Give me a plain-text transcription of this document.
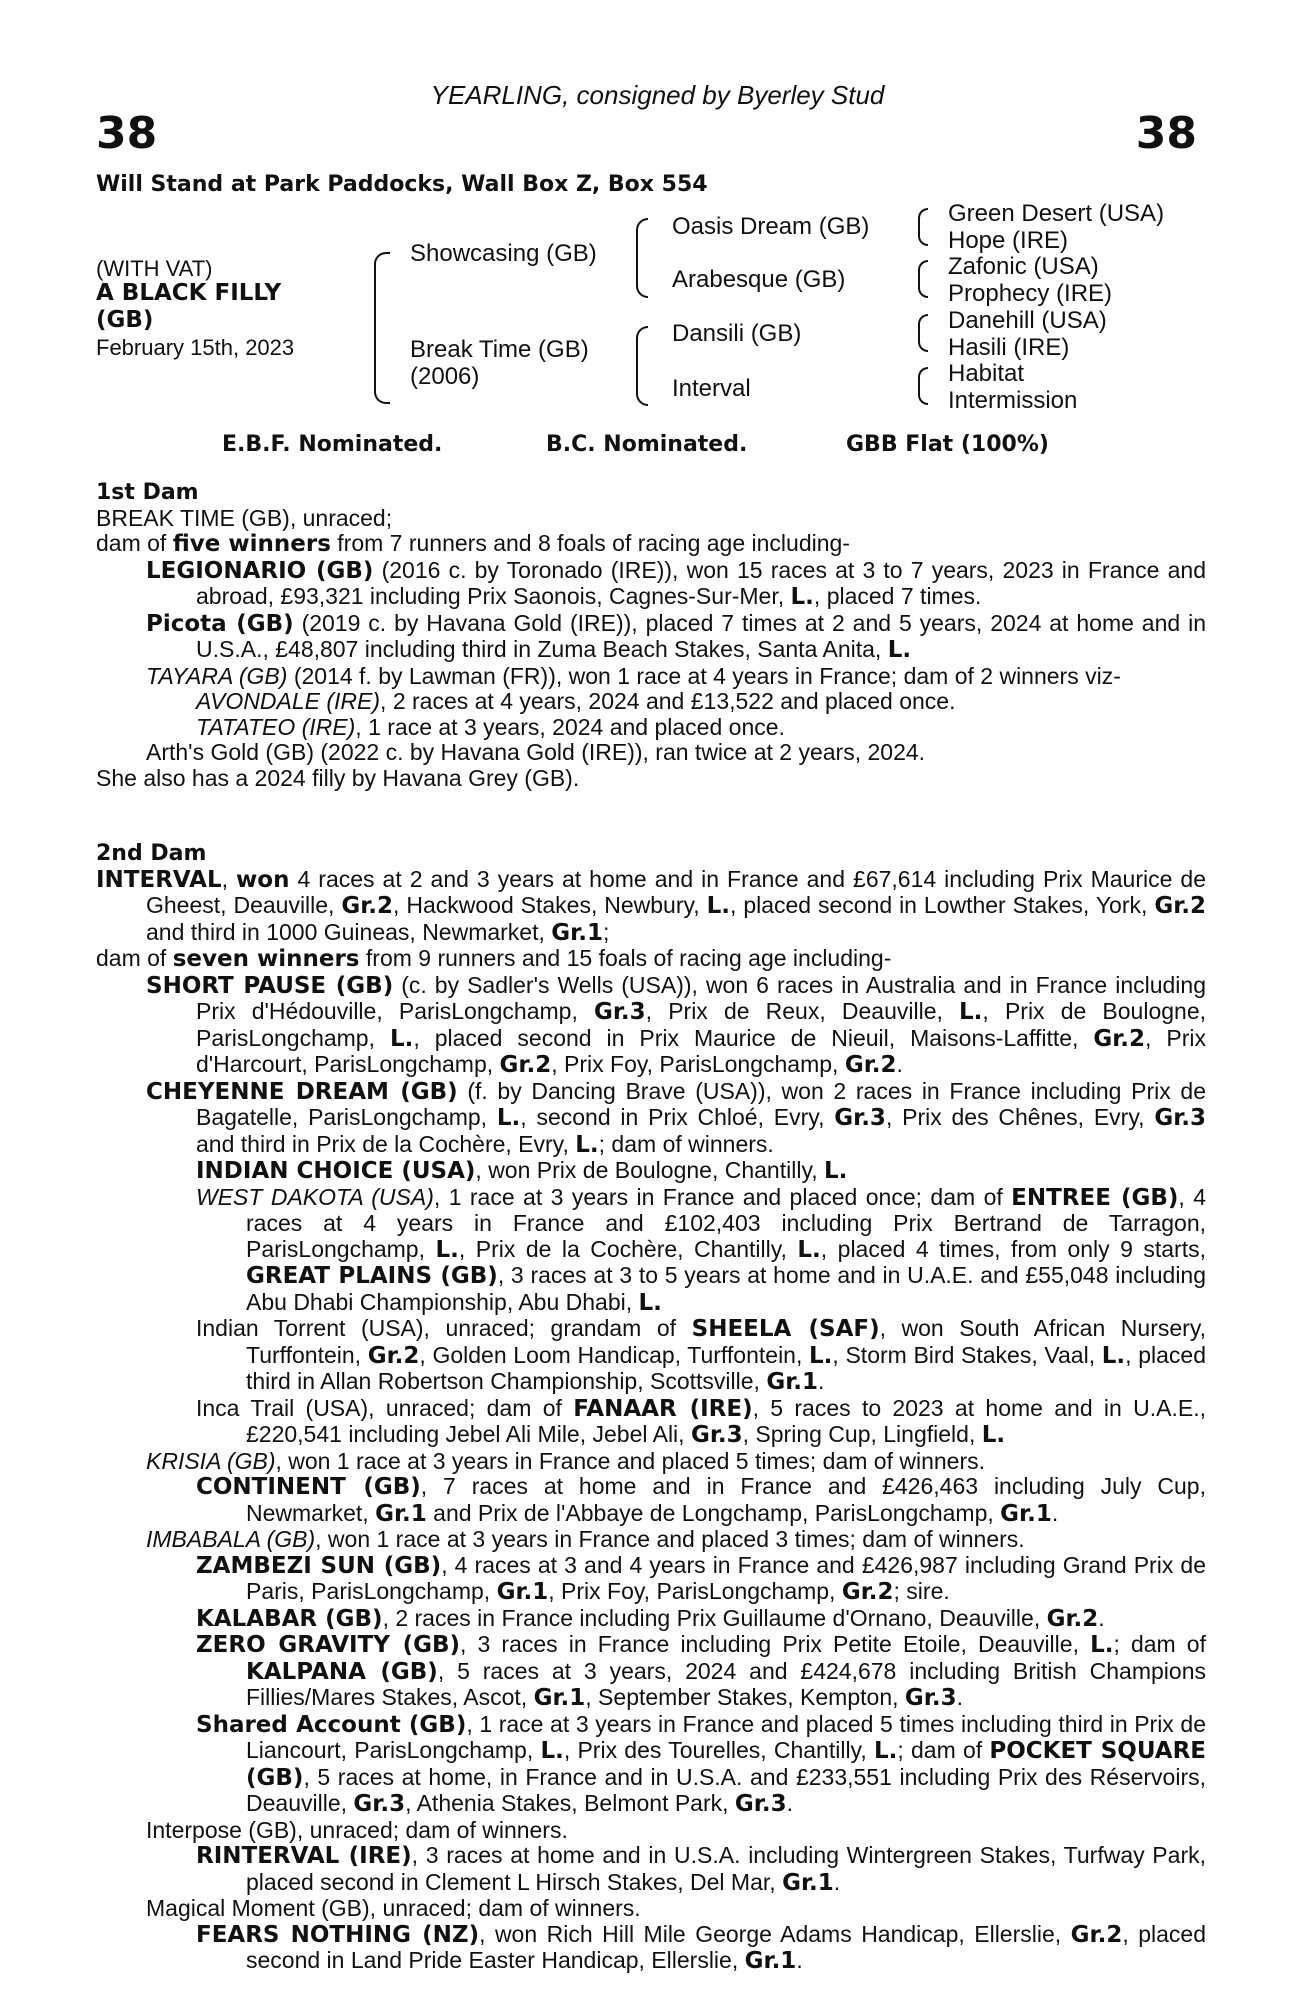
38	38
YEARLING, consigned by Byerley Stud
Will Stand at Park Paddocks, Wall Box Z, Box 554
(WITH VAT)
A BLACK FILLY
(GB)
February 15th, 2023
Showcasing (GB)
Break Time (GB)
(2006)
Oasis Dream (GB)
Arabesque (GB)
Dansili (GB)
Interval
Green Desert (USA)
Hope (IRE)
Zafonic (USA)
Prophecy (IRE)
Danehill (USA)
Hasili (IRE)
Habitat
Intermission
E.B.F. Nominated.	B.C. Nominated.	GBB Flat (100%)
1st Dam
BREAK TIME (GB), unraced;
dam of five winners from 7 runners and 8 foals of racing age including-
LEGIONARIO (GB) (2016 c. by Toronado (IRE)), won 15 races at 3 to 7 years, 2023 in France and abroad, £93,321 including Prix Saonois, Cagnes-Sur-Mer, L., placed 7 times.
Picota (GB) (2019 c. by Havana Gold (IRE)), placed 7 times at 2 and 5 years, 2024 at home and in U.S.A., £48,807 including third in Zuma Beach Stakes, Santa Anita, L.
TAYARA (GB) (2014 f. by Lawman (FR)), won 1 race at 4 years in France; dam of 2 winners viz-
AVONDALE (IRE), 2 races at 4 years, 2024 and £13,522 and placed once.
TATATEO (IRE), 1 race at 3 years, 2024 and placed once.
Arth's Gold (GB) (2022 c. by Havana Gold (IRE)), ran twice at 2 years, 2024.
She also has a 2024 filly by Havana Grey (GB).
2nd Dam
INTERVAL, won 4 races at 2 and 3 years at home and in France and £67,614 including Prix Maurice de Gheest, Deauville, Gr.2, Hackwood Stakes, Newbury, L., placed second in Lowther Stakes, York, Gr.2 and third in 1000 Guineas, Newmarket, Gr.1;
dam of seven winners from 9 runners and 15 foals of racing age including-
SHORT PAUSE (GB) (c. by Sadler's Wells (USA)), won 6 races in Australia and in France including Prix d'Hédouville, ParisLongchamp, Gr.3, Prix de Reux, Deauville, L., Prix de Boulogne, ParisLongchamp, L., placed second in Prix Maurice de Nieuil, Maisons-Laffitte, Gr.2, Prix d'Harcourt, ParisLongchamp, Gr.2, Prix Foy, ParisLongchamp, Gr.2.
CHEYENNE DREAM (GB) (f. by Dancing Brave (USA)), won 2 races in France including Prix de Bagatelle, ParisLongchamp, L., second in Prix Chloé, Evry, Gr.3, Prix des Chênes, Evry, Gr.3 and third in Prix de la Cochère, Evry, L.; dam of winners.
INDIAN CHOICE (USA), won Prix de Boulogne, Chantilly, L.
WEST DAKOTA (USA), 1 race at 3 years in France and placed once; dam of ENTREE (GB), 4 races at 4 years in France and £102,403 including Prix Bertrand de Tarragon, ParisLongchamp, L., Prix de la Cochère, Chantilly, L., placed 4 times, from only 9 starts, GREAT PLAINS (GB), 3 races at 3 to 5 years at home and in U.A.E. and £55,048 including Abu Dhabi Championship, Abu Dhabi, L.
Indian Torrent (USA), unraced; grandam of SHEELA (SAF), won South African Nursery, Turffontein, Gr.2, Golden Loom Handicap, Turffontein, L., Storm Bird Stakes, Vaal, L., placed third in Allan Robertson Championship, Scottsville, Gr.1.
Inca Trail (USA), unraced; dam of FANAAR (IRE), 5 races to 2023 at home and in U.A.E., £220,541 including Jebel Ali Mile, Jebel Ali, Gr.3, Spring Cup, Lingfield, L.
KRISIA (GB), won 1 race at 3 years in France and placed 5 times; dam of winners.
CONTINENT (GB), 7 races at home and in France and £426,463 including July Cup, Newmarket, Gr.1 and Prix de l'Abbaye de Longchamp, ParisLongchamp, Gr.1.
IMBABALA (GB), won 1 race at 3 years in France and placed 3 times; dam of winners.
ZAMBEZI SUN (GB), 4 races at 3 and 4 years in France and £426,987 including Grand Prix de Paris, ParisLongchamp, Gr.1, Prix Foy, ParisLongchamp, Gr.2; sire.
KALABAR (GB), 2 races in France including Prix Guillaume d'Ornano, Deauville, Gr.2.
ZERO GRAVITY (GB), 3 races in France including Prix Petite Etoile, Deauville, L.; dam of KALPANA (GB), 5 races at 3 years, 2024 and £424,678 including British Champions Fillies/Mares Stakes, Ascot, Gr.1, September Stakes, Kempton, Gr.3.
Shared Account (GB), 1 race at 3 years in France and placed 5 times including third in Prix de Liancourt, ParisLongchamp, L., Prix des Tourelles, Chantilly, L.; dam of POCKET SQUARE (GB), 5 races at home, in France and in U.S.A. and £233,551 including Prix des Réservoirs, Deauville, Gr.3, Athenia Stakes, Belmont Park, Gr.3.
Interpose (GB), unraced; dam of winners.
RINTERVAL (IRE), 3 races at home and in U.S.A. including Wintergreen Stakes, Turfway Park, placed second in Clement L Hirsch Stakes, Del Mar, Gr.1.
Magical Moment (GB), unraced; dam of winners.
FEARS NOTHING (NZ), won Rich Hill Mile George Adams Handicap, Ellerslie, Gr.2, placed second in Land Pride Easter Handicap, Ellerslie, Gr.1.
